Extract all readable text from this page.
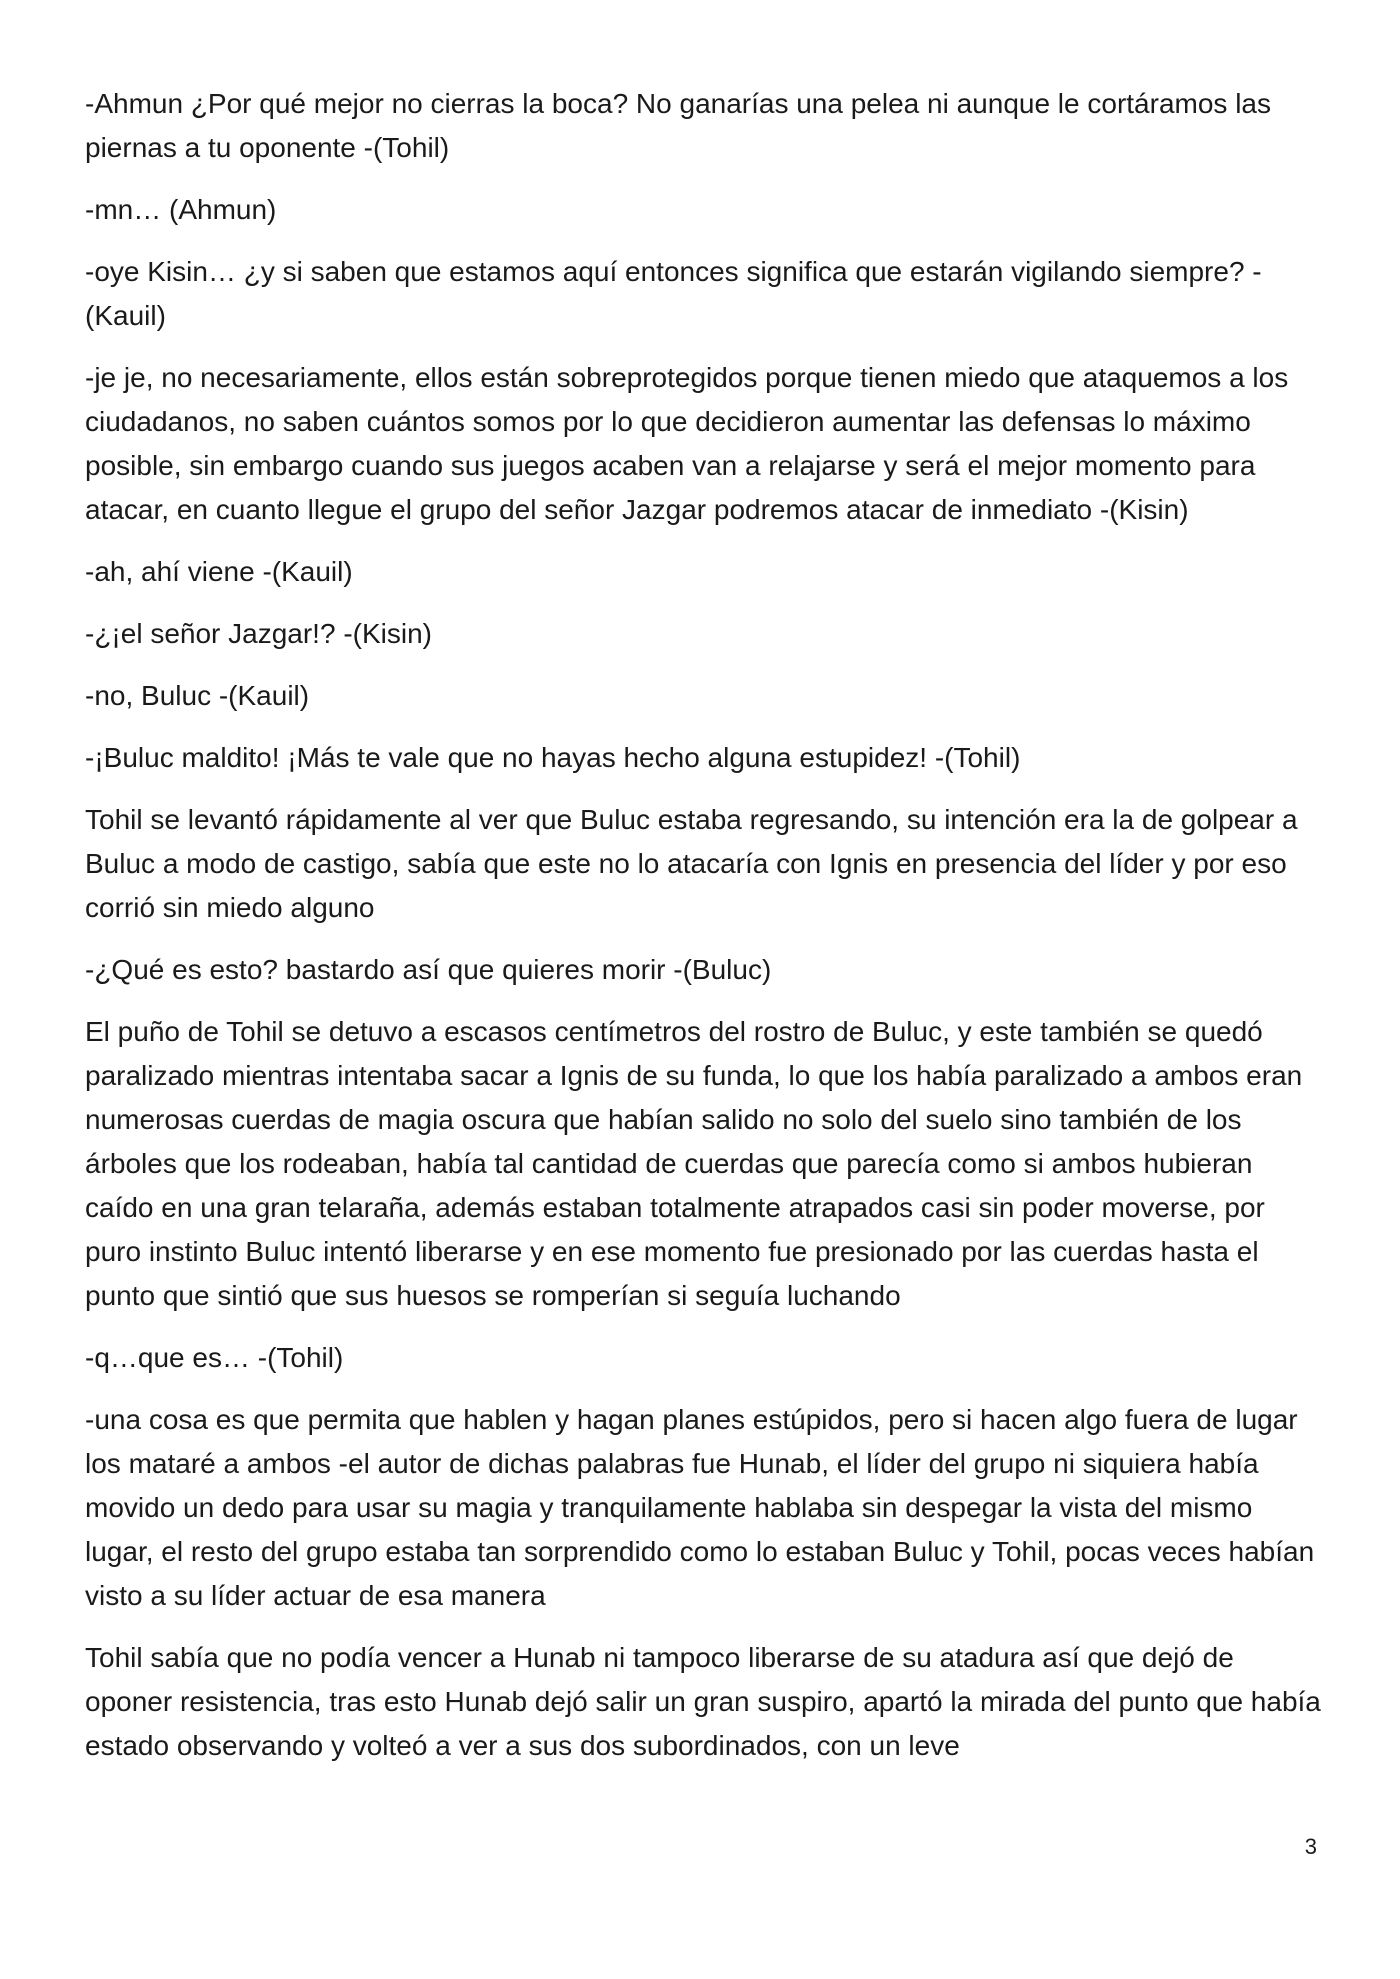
-Ahmun ¿Por qué mejor no cierras la boca? No ganarías una pelea ni aunque le cortáramos las piernas a tu oponente -(Tohil)

-mn… (Ahmun)

-oye Kisin… ¿y si saben que estamos aquí entonces significa que estarán vigilando siempre? -(Kauil)

-je je, no necesariamente, ellos están sobreprotegidos porque tienen miedo que ataquemos a los ciudadanos, no saben cuántos somos por lo que decidieron aumentar las defensas lo máximo posible, sin embargo cuando sus juegos acaben van a relajarse y será el mejor momento para atacar, en cuanto llegue el grupo del señor Jazgar podremos atacar de inmediato -(Kisin)

-ah, ahí viene -(Kauil)

-¿¡el señor Jazgar!? -(Kisin)

-no, Buluc -(Kauil)

-¡Buluc maldito! ¡Más te vale que no hayas hecho alguna estupidez! -(Tohil)

Tohil se levantó rápidamente al ver que Buluc estaba regresando, su intención era la de golpear a Buluc a modo de castigo, sabía que este no lo atacaría con Ignis en presencia del líder y por eso corrió sin miedo alguno

-¿Qué es esto? bastardo así que quieres morir -(Buluc)

El puño de Tohil se detuvo a escasos centímetros del rostro de Buluc, y este también se quedó paralizado mientras intentaba sacar a Ignis de su funda, lo que los había paralizado a ambos eran numerosas cuerdas de magia oscura que habían salido no solo del suelo sino también de los árboles que los rodeaban, había tal cantidad de cuerdas que parecía como si ambos hubieran caído en una gran telaraña, además estaban totalmente atrapados casi sin poder moverse, por puro instinto Buluc intentó liberarse y en ese momento fue presionado por las cuerdas hasta el punto que sintió que sus huesos se romperían si seguía luchando

-q…que es… -(Tohil)

-una cosa es que permita que hablen y hagan planes estúpidos, pero si hacen algo fuera de lugar los mataré a ambos -el autor de dichas palabras fue Hunab, el líder del grupo ni siquiera había movido un dedo para usar su magia y tranquilamente hablaba sin despegar la vista del mismo lugar, el resto del grupo estaba tan sorprendido como lo estaban Buluc y Tohil, pocas veces habían visto a su líder actuar de esa manera

Tohil sabía que no podía vencer a Hunab ni tampoco liberarse de su atadura así que dejó de oponer resistencia, tras esto Hunab dejó salir un gran suspiro, apartó la mirada del punto que había estado observando y volteó a ver a sus dos subordinados, con un leve

3
